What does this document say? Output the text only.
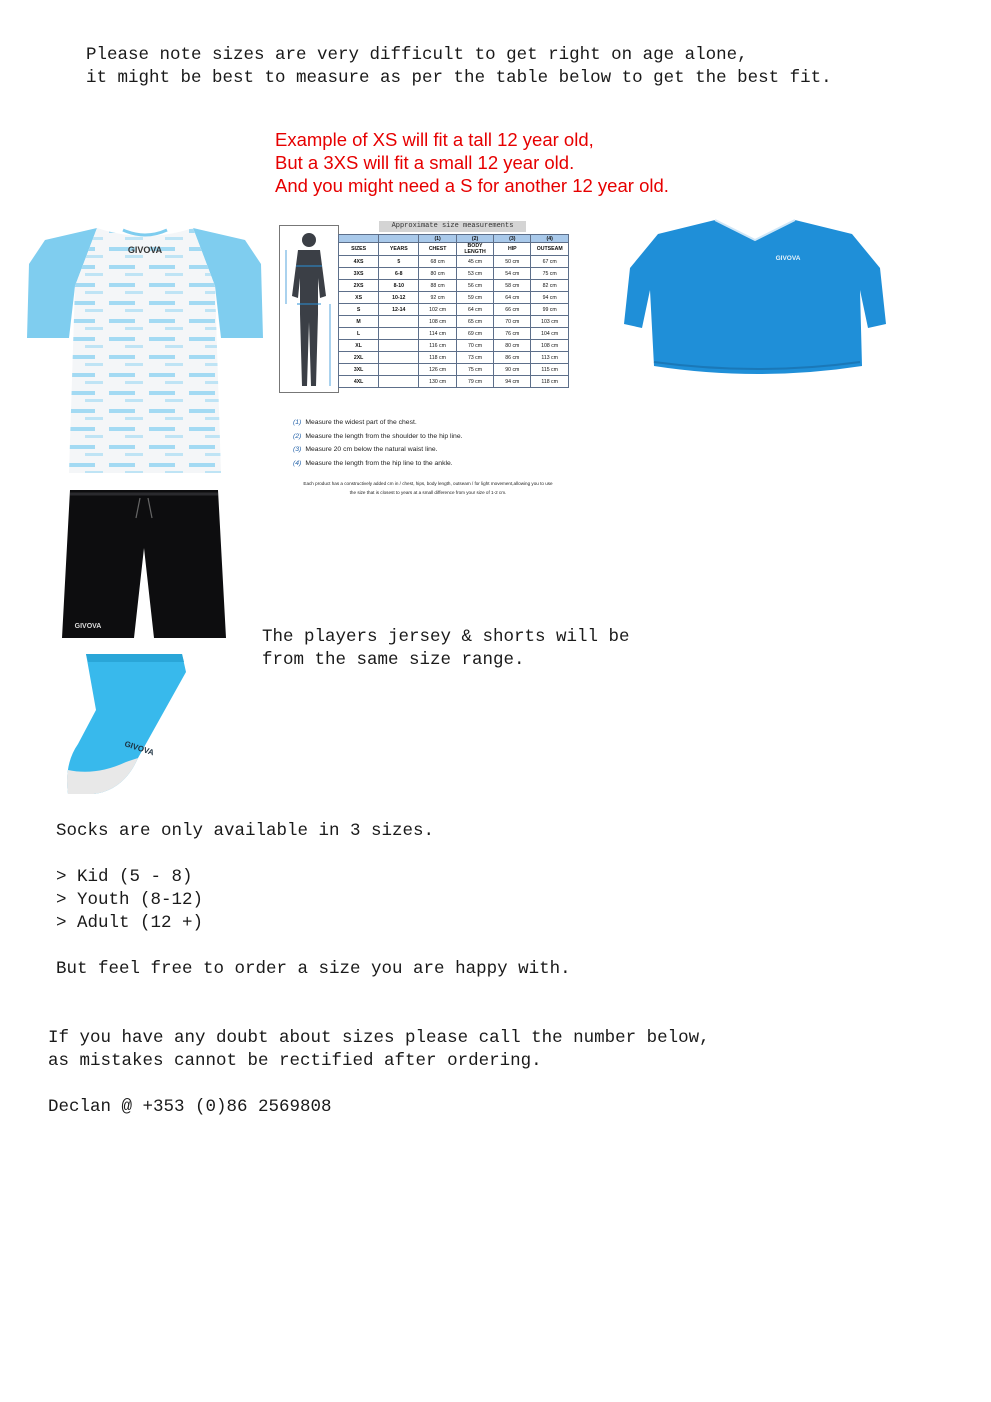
Please note sizes are very difficult to get right on age alone,
it might be best to measure as per the table below to get the best fit.
Example of XS will fit a tall 12 year old,
But a 3XS will fit a small 12 year old.
And you might need a S for another 12 year old.
GIVOVA
Approximate size measurements
		(1)	(2)	(3)	(4)
SIZES	YEARS	CHEST	BODY LENGTH	HIP	OUTSEAM
4XS	5	68 cm	45 cm	50 cm	67 cm
3XS	6-8	80 cm	53 cm	54 cm	75 cm
2XS	8-10	88 cm	56 cm	58 cm	82 cm
XS	10-12	92 cm	59 cm	64 cm	94 cm
S	12-14	102 cm	64 cm	66 cm	99 cm
M		108 cm	65 cm	70 cm	103 cm
L		114 cm	69 cm	76 cm	104 cm
XL		116 cm	70 cm	80 cm	108 cm
2XL		118 cm	73 cm	86 cm	113 cm
3XL		126 cm	75 cm	90 cm	115 cm
4XL		130 cm	79 cm	94 cm	118 cm
(1) Measure the widest part of the chest.
(2) Measure the length from the shoulder to the hip line.
(3) Measure 20 cm below the natural waist line.
(4) Measure the length from the hip line to the ankle.
Each product has a constructively added cm in / chest, hips, body length, outseam / for light movement,allowing you to use
the size that is closest to years at a small difference from your size of 1-2 cm.
GIVOVA
GIVOVA
The players jersey & shorts will be
from the same size range.
GIVOVA
Socks are only available in 3 sizes.
> Kid (5 - 8)
> Youth (8-12)
> Adult (12 +)
But feel free to order a size you are happy with.
If you have any doubt about sizes please call the number below,
as mistakes cannot be rectified after ordering.
Declan @ +353 (0)86 2569808
